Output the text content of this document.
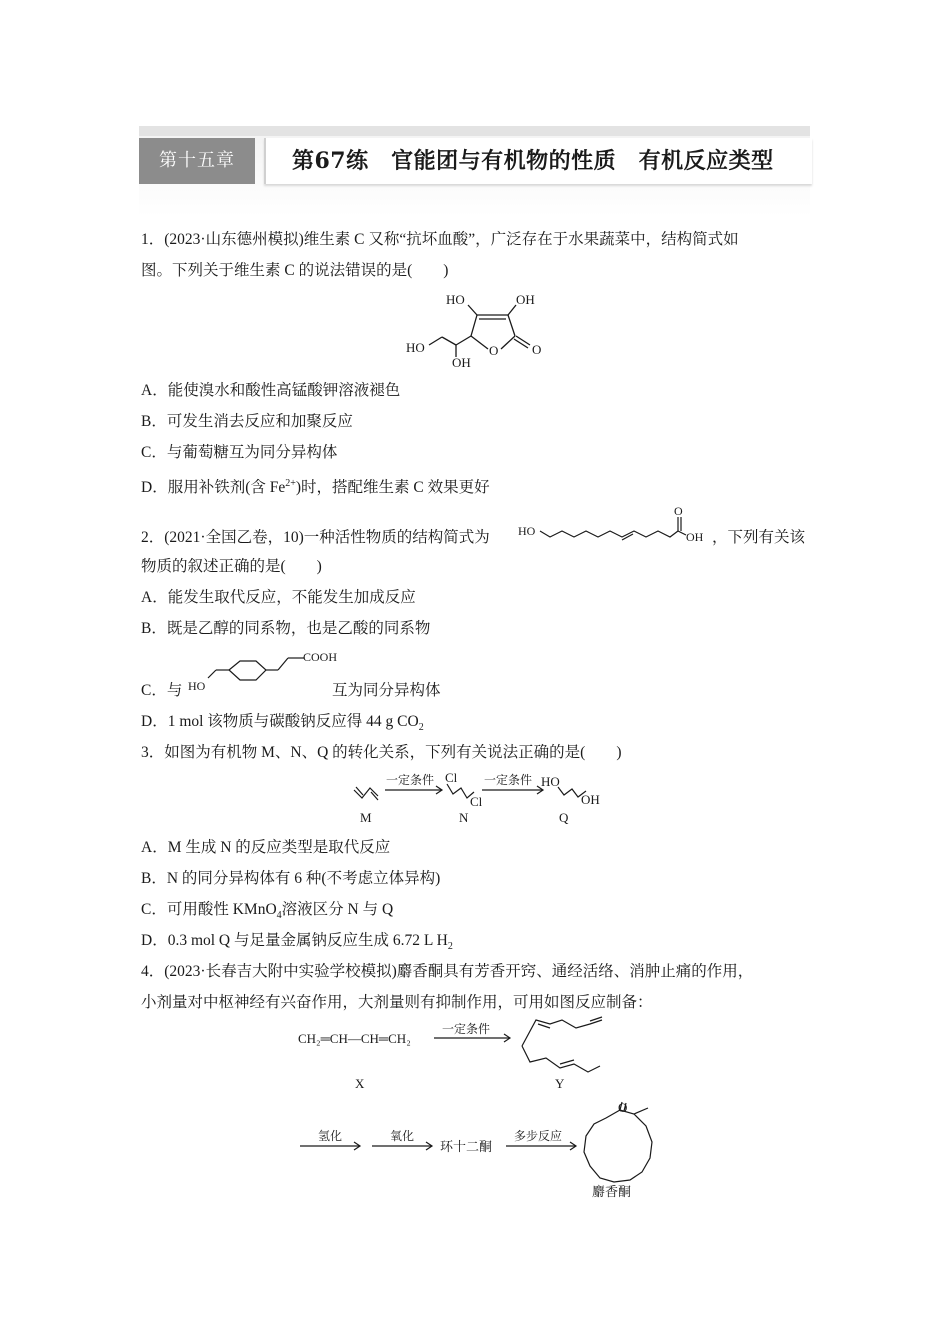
第十五章	第67练　官能团与有机物的性质　有机反应类型
1．(2023·山东德州模拟)维生素 C 又称“抗坏血酸”，广泛存在于水果蔬菜中，结构简式如
图。下列关于维生素 C 的说法错误的是(　　)
HO	OH
HO
OH
O	O
A．能使溴水和酸性高锰酸钾溶液褪色
B．可发生消去反应和加聚反应
C．与葡萄糖互为同分异构体
D．服用补铁剂(含 $Fe^{2+}$)时，搭配维生素 C 效果更好
2．(2021·全国乙卷，10)一种活性物质的结构简式为 HO
O
OH ，下列有关该
物质的叙述正确的是(　　)
A．能发生取代反应，不能发生加成反应
B．既是乙醇的同系物，也是乙酸的同系物
C．与 HO
COOH
互为同分异构体
D．1 mol 该物质与碳酸钠反应得 44 g $CO_2$
3．如图为有机物 M、N、Q 的转化关系，下列有关说法正确的是(　　)
一定条件	一定条件
Cl
Cl
HO
OH
M	N	Q
A．M 生成 N 的反应类型是取代反应
B．N 的同分异构体有 6 种(不考虑立体异构)
C．可用酸性 KMnO$_4$溶液区分 N 与 Q
D．0.3 mol Q 与足量金属钠反应生成 6.72 L $H_2$
4．(2023·长春吉大附中实验学校模拟)麝香酮具有芳香开窍、通经活络、消肿止痛的作用，
小剂量对中枢神经有兴奋作用，大剂量则有抑制作用，可用如图反应制备：
CH₂═CH—CH═CH₂
一定条件
X	Y
氢化	氧化
环十二酮
多步反应
O
麝香酮
